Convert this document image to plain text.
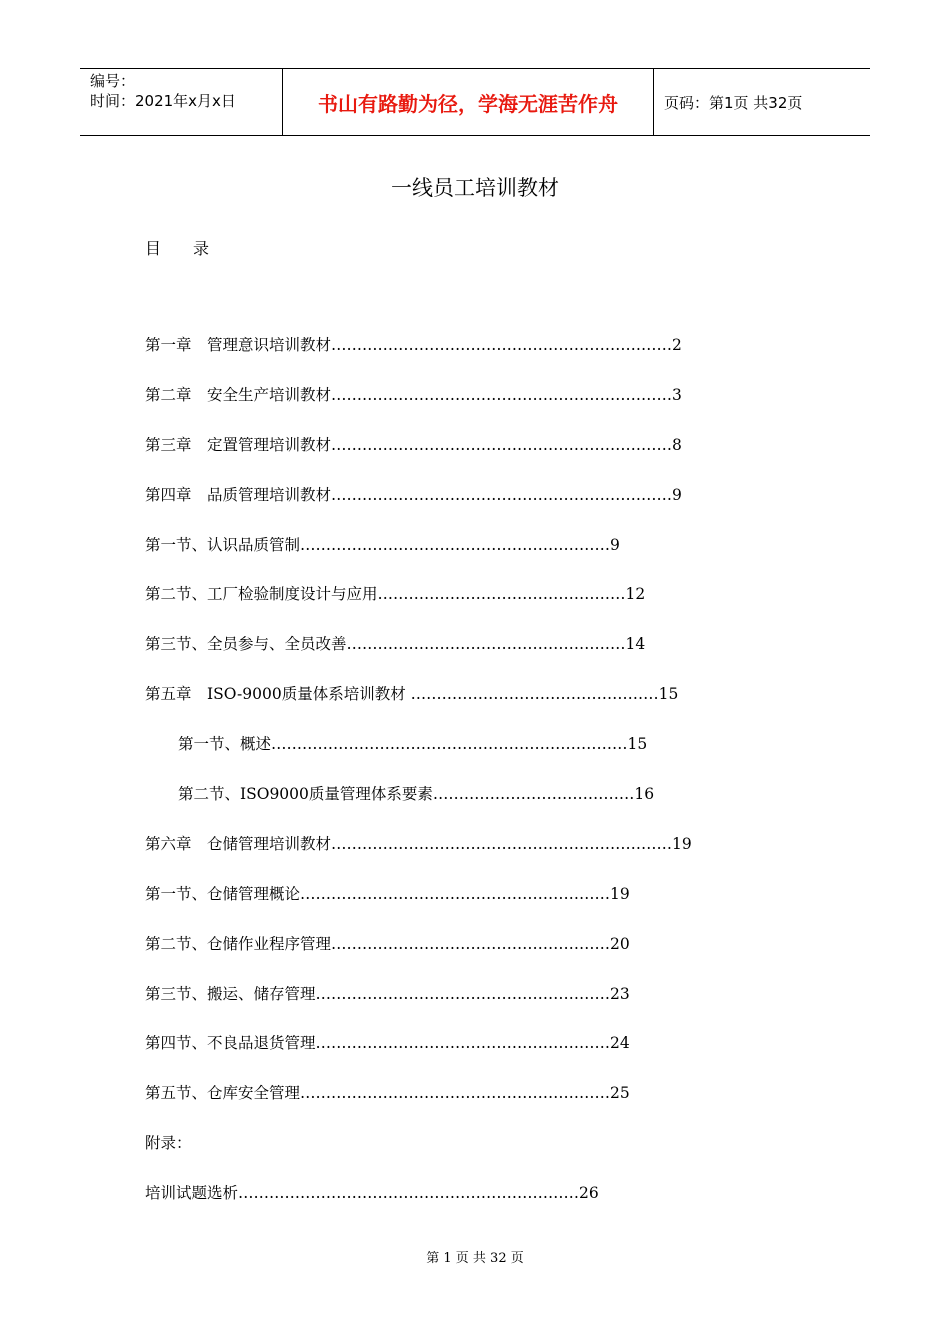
编号：
时间：2021年x月x日	书山有路勤为径，学海无涯苦作舟	页码：第1页 共32页
一线员工培训教材
目 录
第一章　管理意识培训教材…………………………………………………………2
第二章　安全生产培训教材…………………………………………………………3
第三章　定置管理培训教材…………………………………………………………8
第四章　品质管理培训教材…………………………………………………………9
第一节、认识品质管制……………………………………………………9
第二节、工厂检验制度设计与应用…………………………………………12
第三节、全员参与、全员改善………………………………………………14
第五章　ISO-9000质量体系培训教材 …………………………………………15
第一节、概述……………………………………………………………15
第二节、ISO9000质量管理体系要素…………………………………16
第六章　仓储管理培训教材…………………………………………………………19
第一节、仓储管理概论……………………………………………………19
第二节、仓储作业程序管理………………………………………………20
第三节、搬运、储存管理…………………………………………………23
第四节、不良品退货管理…………………………………………………24
第五节、仓库安全管理……………………………………………………25
附录：
培训试题选析…………………………………………………………26
第 1 页 共 32 页
